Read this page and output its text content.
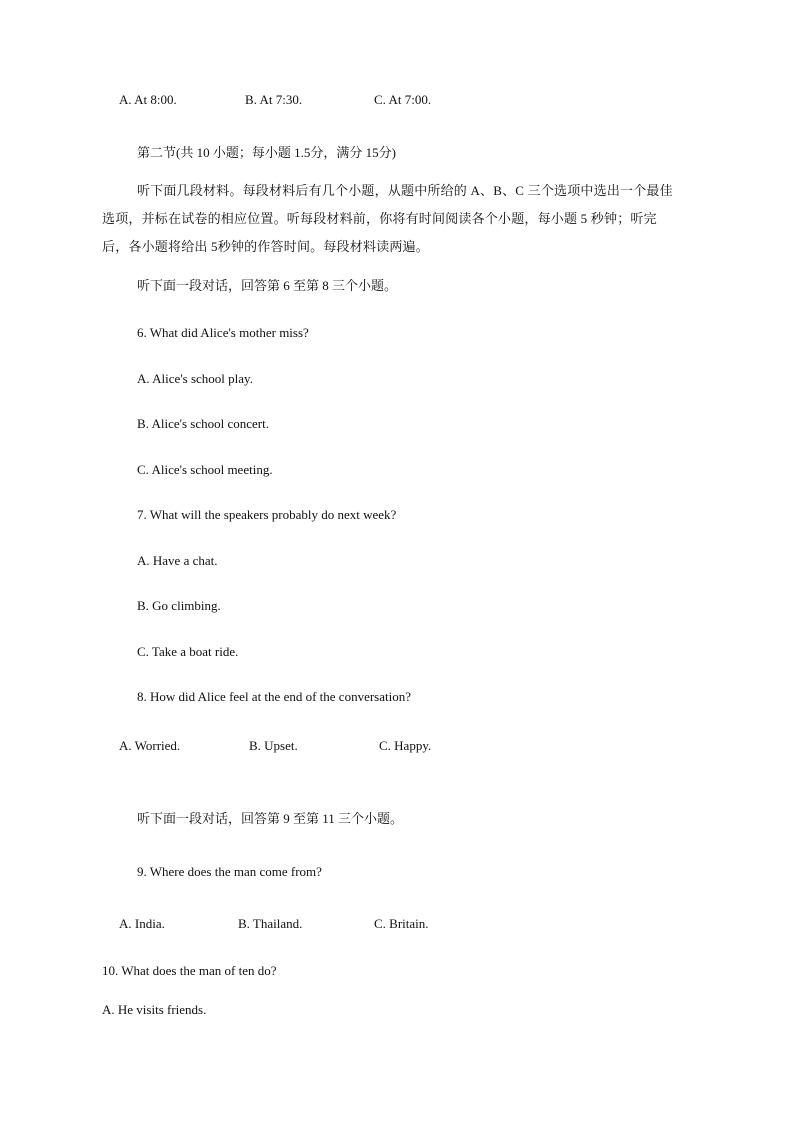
A. At 8:00.	B. At 7:30.	C. At 7:00.
第二节(共 10 小题；每小题 1.5分，满分 15分)
听下面几段材料。每段材料后有几个小题，从题中所给的 A、B、C 三个选项中选出一个最佳选项，并标在试卷的相应位置。听每段材料前，你将有时间阅读各个小题，每小题 5 秒钟；听完后，各小题将给出 5秒钟的作答时间。每段材料读两遍。
听下面一段对话，回答第 6 至第 8 三个小题。
6. What did Alice's mother miss?
A. Alice's school play.
B. Alice's school concert.
C. Alice's school meeting.
7. What will the speakers probably do next week?
A. Have a chat.
B. Go climbing.
C. Take a boat ride.
8. How did Alice feel at the end of the conversation?
A. Worried.	B. Upset.	C. Happy.
听下面一段对话，回答第 9 至第 11 三个小题。
9. Where does the man come from?
A. India.	B. Thailand.	C. Britain.
10. What does the man of ten do?
A. He visits friends.
